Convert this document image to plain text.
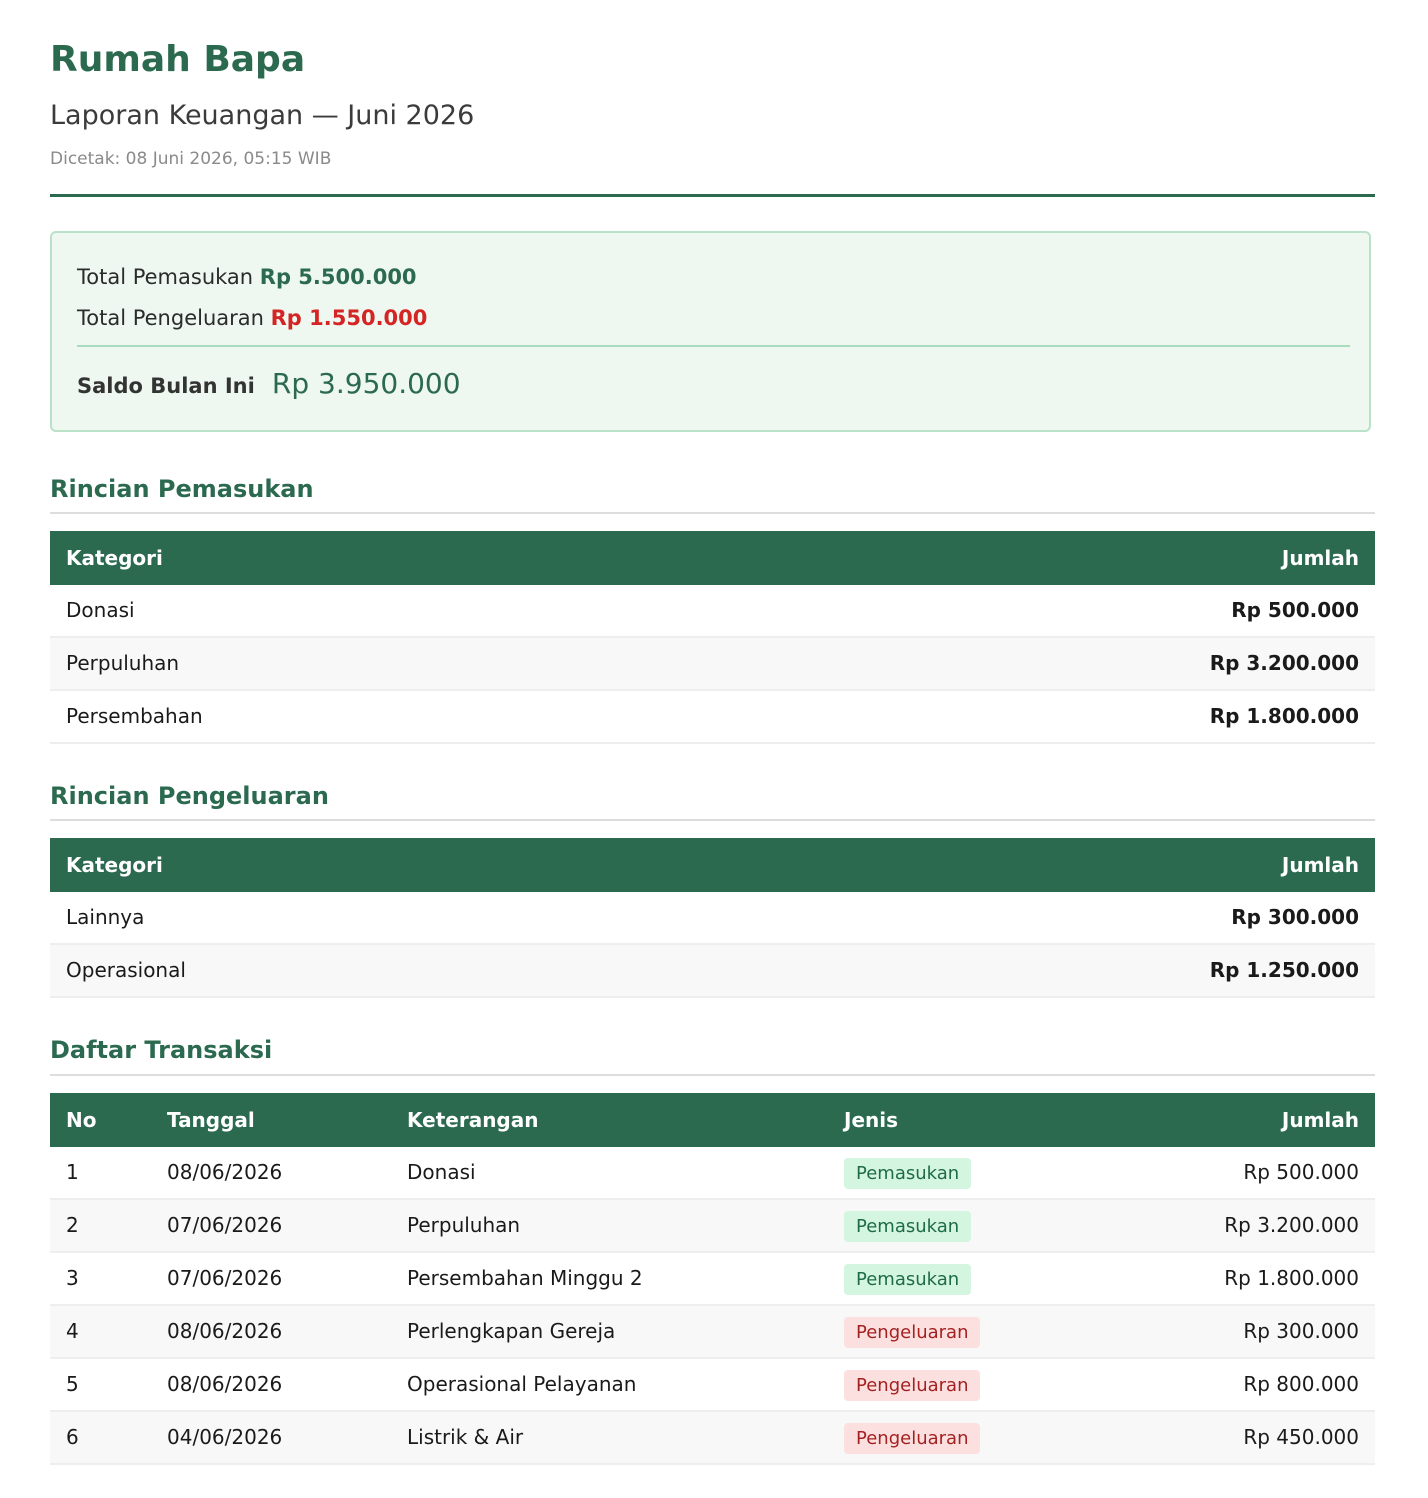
Rumah Bapa
Laporan Keuangan — Juni 2026
Dicetak: 08 Juni 2026, 05:15 WIB
Total Pemasukan Rp 5.500.000
Total Pengeluaran Rp 1.550.000
Saldo Bulan Ini Rp 3.950.000
Rincian Pemasukan
Kategori	Jumlah
Donasi	Rp 500.000
Perpuluhan	Rp 3.200.000
Persembahan	Rp 1.800.000
Rincian Pengeluaran
Kategori	Jumlah
Lainnya	Rp 300.000
Operasional	Rp 1.250.000
Daftar Transaksi
No	Tanggal	Keterangan	Jenis	Jumlah
1	08/06/2026	Donasi	Pemasukan	Rp 500.000
2	07/06/2026	Perpuluhan	Pemasukan	Rp 3.200.000
3	07/06/2026	Persembahan Minggu 2	Pemasukan	Rp 1.800.000
4	08/06/2026	Perlengkapan Gereja	Pengeluaran	Rp 300.000
5	08/06/2026	Operasional Pelayanan	Pengeluaran	Rp 800.000
6	04/06/2026	Listrik & Air	Pengeluaran	Rp 450.000
